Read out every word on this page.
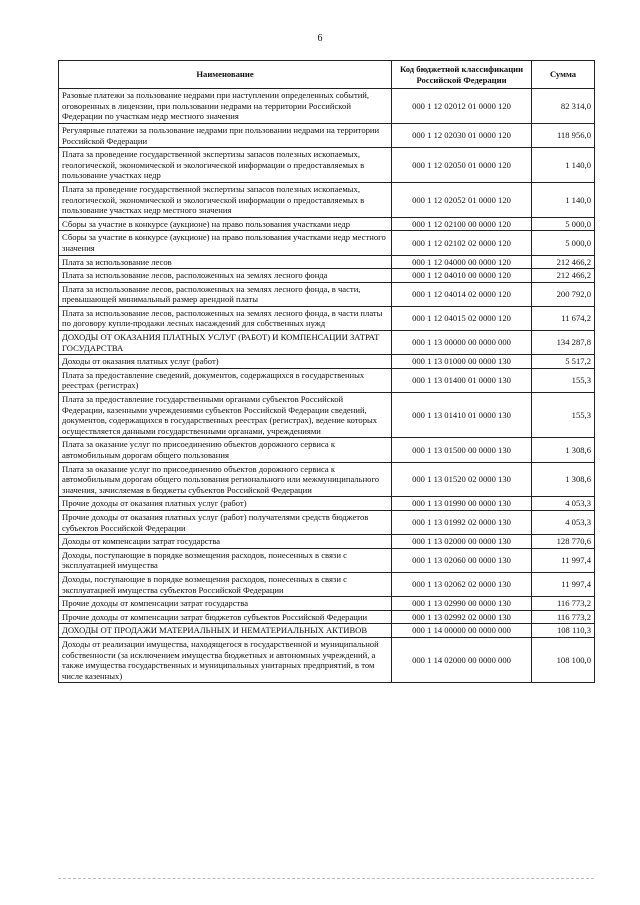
6
Наименование	Код бюджетной классификации Российской Федерации	Сумма
Разовые платежи за пользование недрами при наступлении определенных событий, оговоренных в лицензии, при пользовании недрами на территории Российской Федерации по участкам недр местного значения	000 1 12 02012 01 0000 120	82 314,0
Регулярные платежи за пользование недрами при пользовании недрами на территории Российской Федерации	000 1 12 02030 01 0000 120	118 956,0
Плата за проведение государственной экспертизы запасов полезных ископаемых, геологической, экономической и экологической информации о предоставляемых в пользование участках недр	000 1 12 02050 01 0000 120	1 140,0
Плата за проведение государственной экспертизы запасов полезных ископаемых, геологической, экономической и экологической информации о предоставляемых в пользование участках недр местного значения	000 1 12 02052 01 0000 120	1 140,0
Сборы за участие в конкурсе (аукционе) на право пользования участками недр	000 1 12 02100 00 0000 120	5 000,0
Сборы за участие в конкурсе (аукционе) на право пользования участками недр местного значения	000 1 12 02102 02 0000 120	5 000,0
Плата за использование лесов	000 1 12 04000 00 0000 120	212 466,2
Плата за использование лесов, расположенных на землях лесного фонда	000 1 12 04010 00 0000 120	212 466,2
Плата за использование лесов, расположенных на землях лесного фонда, в части, превышающей минимальный размер арендной платы	000 1 12 04014 02 0000 120	200 792,0
Плата за использование лесов, расположенных на землях лесного фонда, в части платы по договору купли-продажи лесных насаждений для собственных нужд	000 1 12 04015 02 0000 120	11 674,2
ДОХОДЫ ОТ ОКАЗАНИЯ ПЛАТНЫХ УСЛУГ (РАБОТ) И КОМПЕНСАЦИИ ЗАТРАТ ГОСУДАРСТВА	000 1 13 00000 00 0000 000	134 287,8
Доходы от оказания платных услуг (работ)	000 1 13 01000 00 0000 130	5 517,2
Плата за предоставление сведений, документов, содержащихся в государственных реестрах (регистрах)	000 1 13 01400 01 0000 130	155,3
Плата за предоставление государственными органами субъектов Российской Федерации, казенными учреждениями субъектов Российской Федерации сведений, документов, содержащихся в государственных реестрах (регистрах), ведение которых осуществляется данными государственными органами, учреждениями	000 1 13 01410 01 0000 130	155,3
Плата за оказание услуг по присоединению объектов дорожного сервиса к автомобильным дорогам общего пользования	000 1 13 01500 00 0000 130	1 308,6
Плата за оказание услуг по присоединению объектов дорожного сервиса к автомобильным дорогам общего пользования регионального или межмуниципального значения, зачисляемая в бюджеты субъектов Российской Федерации	000 1 13 01520 02 0000 130	1 308,6
Прочие доходы от оказания платных услуг (работ)	000 1 13 01990 00 0000 130	4 053,3
Прочие доходы от оказания платных услуг (работ) получателями средств бюджетов субъектов Российской Федерации	000 1 13 01992 02 0000 130	4 053,3
Доходы от компенсации затрат государства	000 1 13 02000 00 0000 130	128 770,6
Доходы, поступающие в порядке возмещения расходов, понесенных в связи с эксплуатацией имущества	000 1 13 02060 00 0000 130	11 997,4
Доходы, поступающие в порядке возмещения расходов, понесенных в связи с эксплуатацией имущества субъектов Российской Федерации	000 1 13 02062 02 0000 130	11 997,4
Прочие доходы от компенсации затрат государства	000 1 13 02990 00 0000 130	116 773,2
Прочие доходы от компенсации затрат бюджетов субъектов Российской Федерации	000 1 13 02992 02 0000 130	116 773,2
ДОХОДЫ ОТ ПРОДАЖИ МАТЕРИАЛЬНЫХ И НЕМАТЕРИАЛЬНЫХ АКТИВОВ	000 1 14 00000 00 0000 000	108 110,3
Доходы от реализации имущества, находящегося в государственной и муниципальной собственности (за исключением имущества бюджетных и автономных учреждений, а также имущества государственных и муниципальных унитарных предприятий, в том числе казенных)	000 1 14 02000 00 0000 000	108 100,0
